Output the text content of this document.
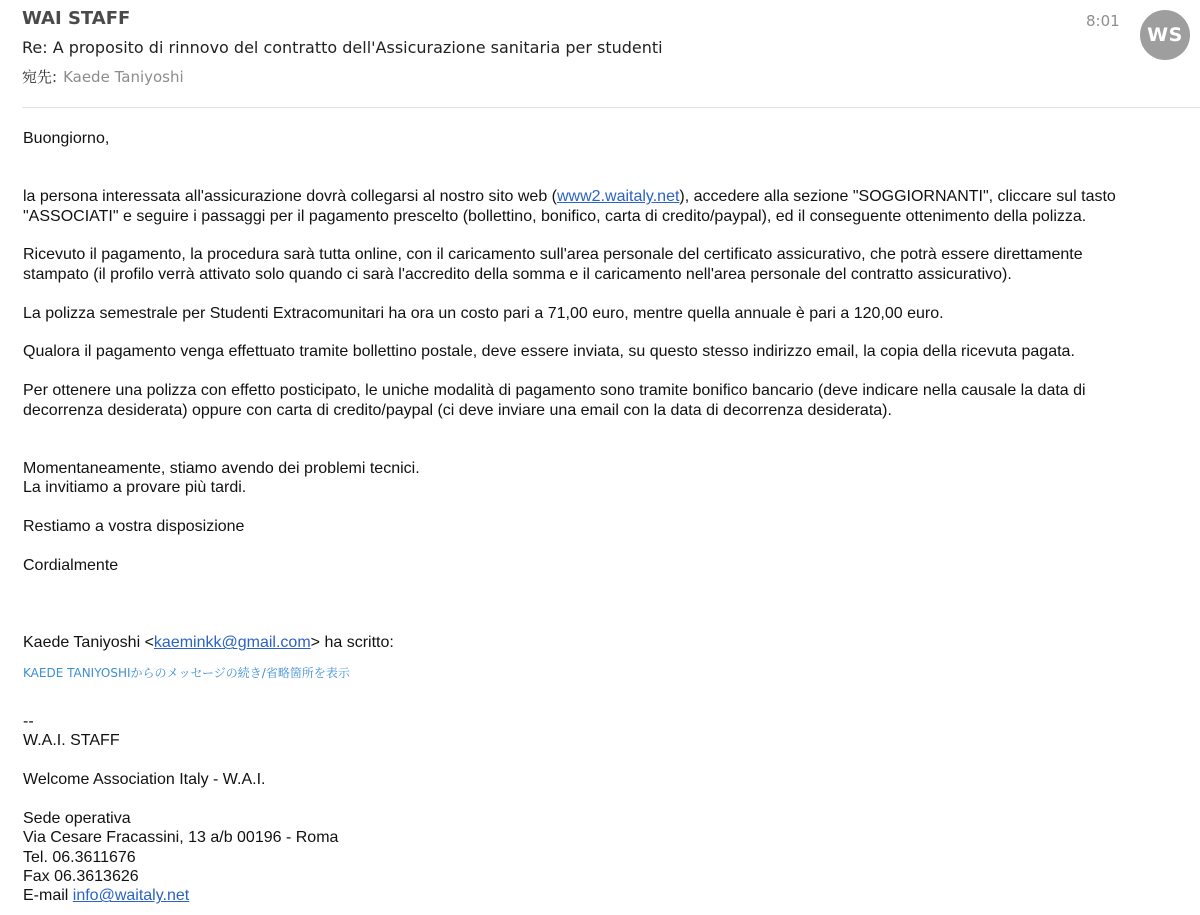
WAI STAFF
Re: A proposito di rinnovo del contratto dell'Assicurazione sanitaria per studenti
宛先: Kaede Taniyoshi
8:01
WS

Buongiorno,

la persona interessata all'assicurazione dovrà collegarsi al nostro sito web (www2.waitaly.net), accedere alla sezione "SOGGIORNANTI", cliccare sul tasto
"ASSOCIATI" e seguire i passaggi per il pagamento prescelto (bollettino, bonifico, carta di credito/paypal), ed il conseguente ottenimento della polizza.

Ricevuto il pagamento, la procedura sarà tutta online, con il caricamento sull'area personale del certificato assicurativo, che potrà essere direttamente
stampato (il profilo verrà attivato solo quando ci sarà l'accredito della somma e il caricamento nell'area personale del contratto assicurativo).

La polizza semestrale per Studenti Extracomunitari ha ora un costo pari a 71,00 euro, mentre quella annuale è pari a 120,00 euro.

Qualora il pagamento venga effettuato tramite bollettino postale, deve essere inviata, su questo stesso indirizzo email, la copia della ricevuta pagata.

Per ottenere una polizza con effetto posticipato, le uniche modalità di pagamento sono tramite bonifico bancario (deve indicare nella causale la data di
decorrenza desiderata) oppure con carta di credito/paypal (ci deve inviare una email con la data di decorrenza desiderata).

Momentaneamente, stiamo avendo dei problemi tecnici.
La invitiamo a provare più tardi.

Restiamo a vostra disposizione

Cordialmente

Kaede Taniyoshi <kaeminkk@gmail.com> ha scritto:

KAEDE TANIYOSHIからのメッセージの続き/省略箇所を表示

--

W.A.I. STAFF

Welcome Association Italy - W.A.I.

Sede operativa

Via Cesare Fracassini, 13 a/b 00196 - Roma

Tel. 06.3611676

Fax 06.3613626

E-mail info@waitaly.net
